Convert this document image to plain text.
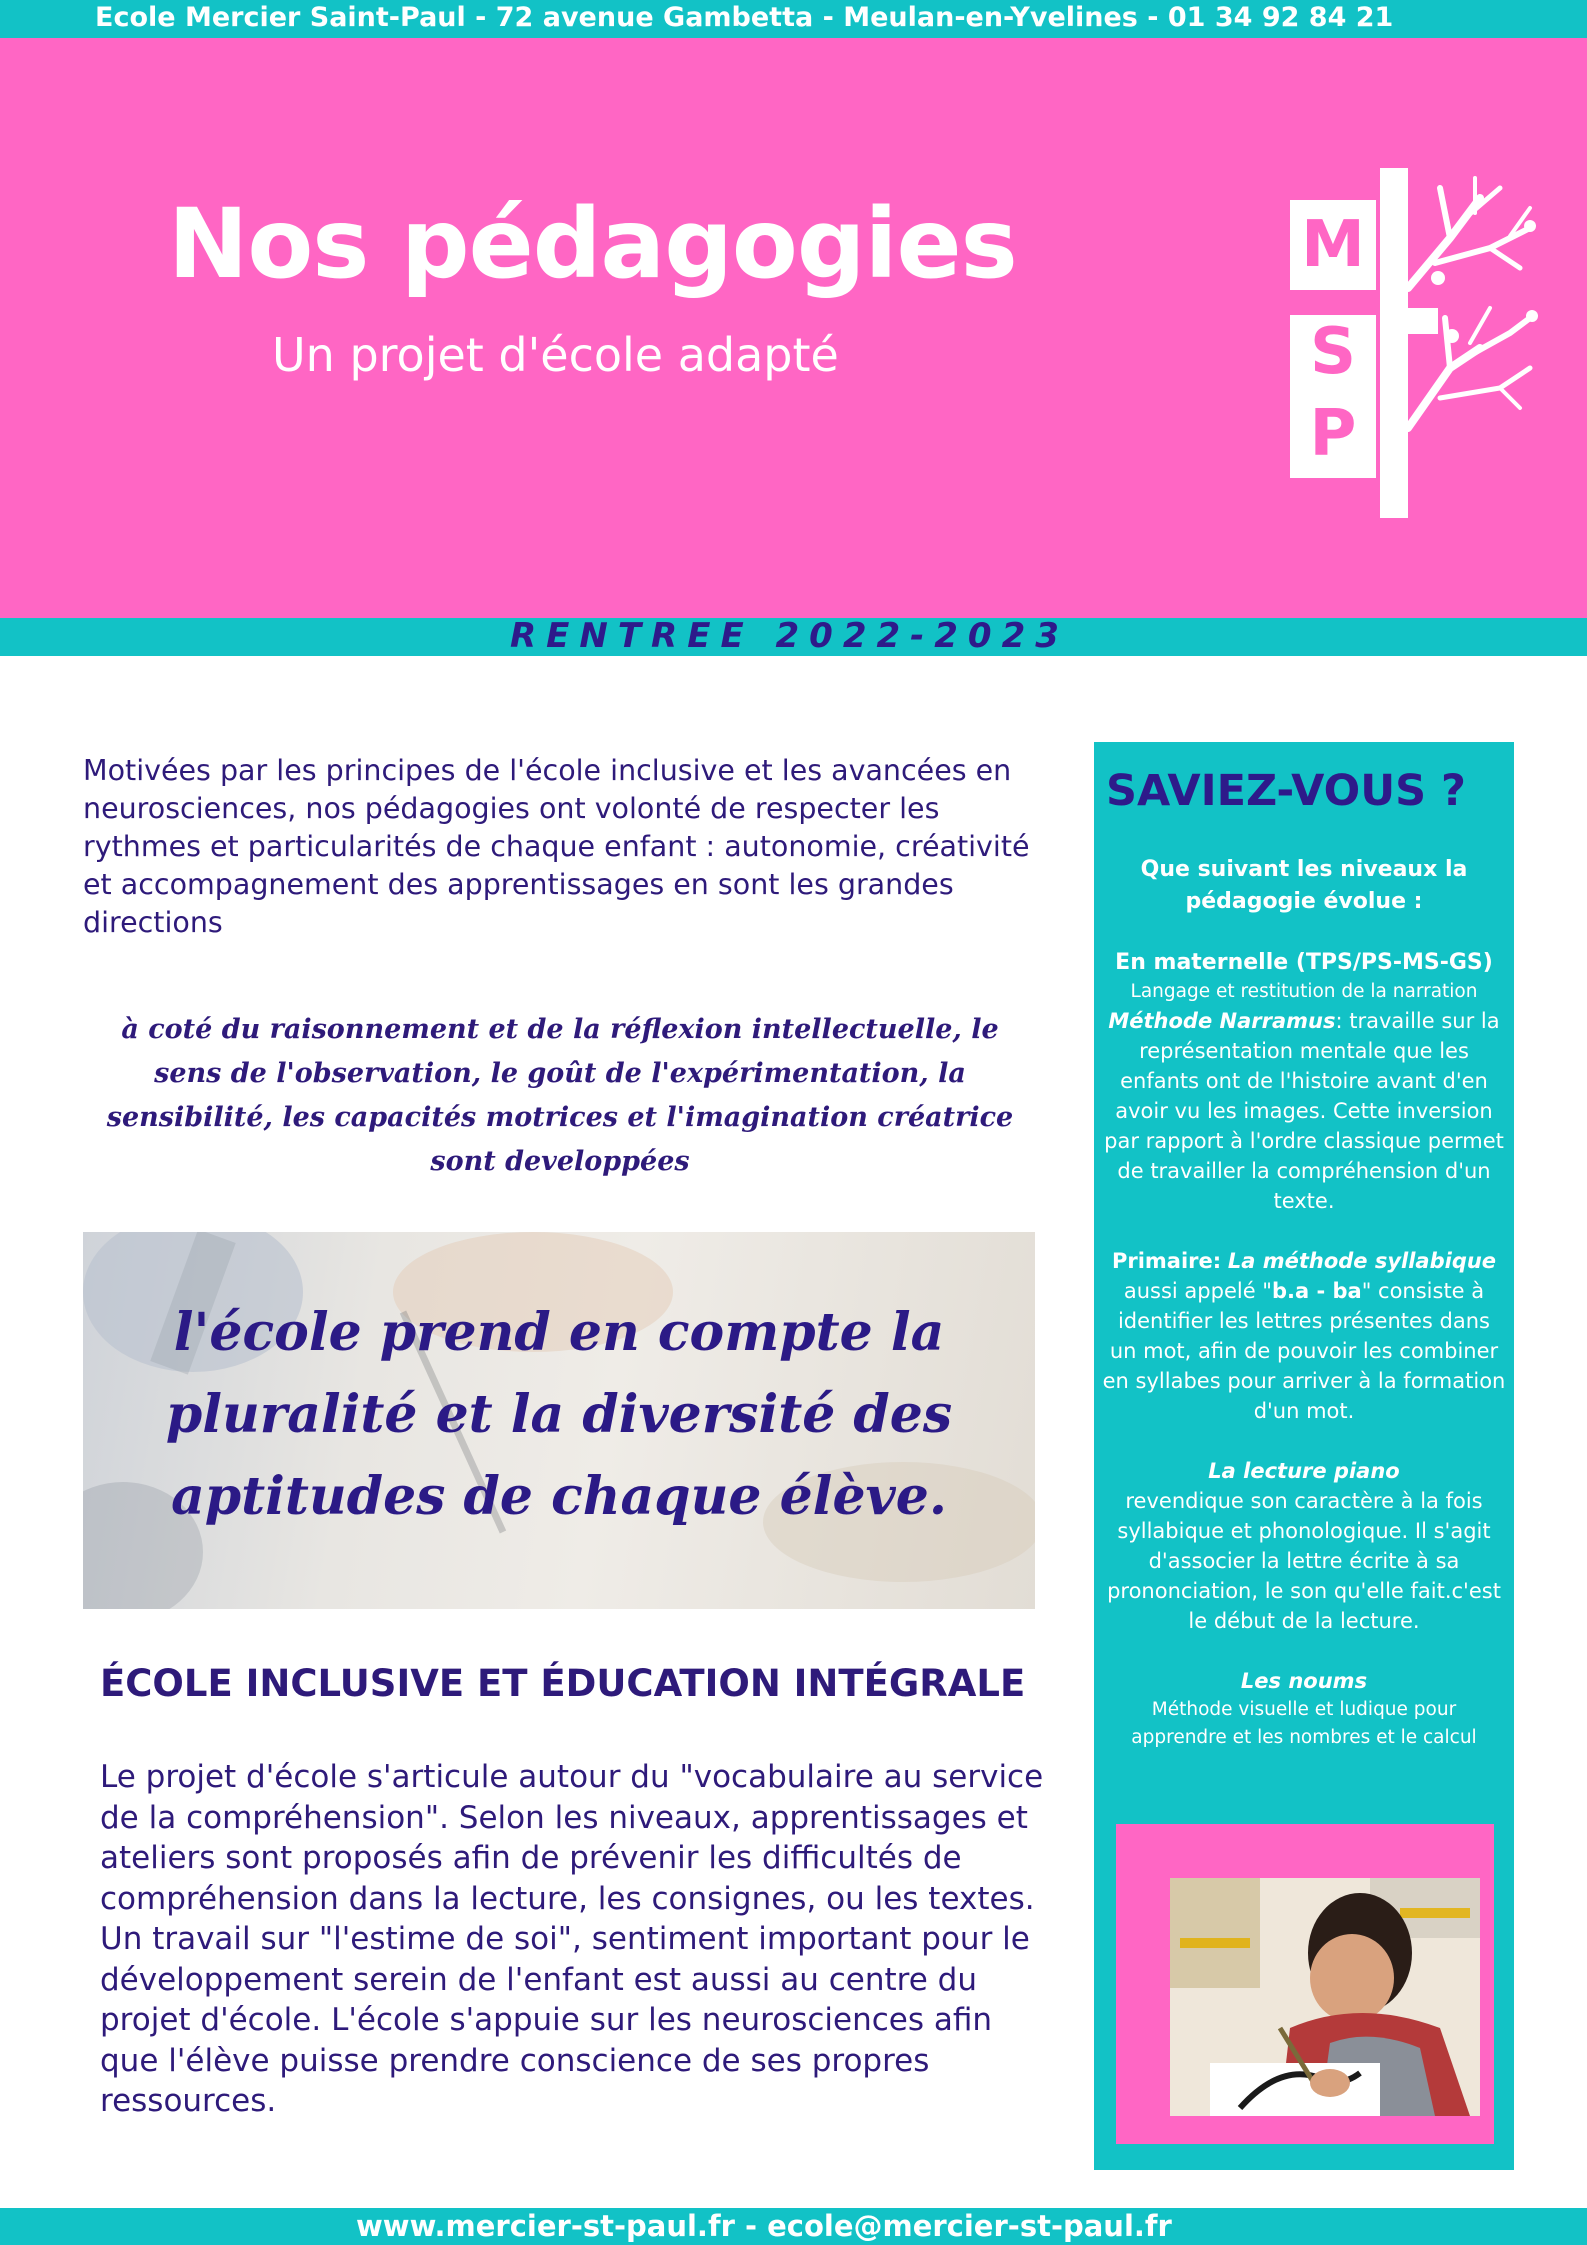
Ecole Mercier Saint-Paul - 72 avenue Gambetta - Meulan-en-Yvelines - 01 34 92 84 21
Nos pédagogies
Un projet d'école adapté
M
S
P
RENTREE 2022-2023
Motivées par les principes de l'école inclusive et les avancées en neurosciences, nos pédagogies ont volonté de respecter les rythmes et particularités de chaque enfant : autonomie, créativité et accompagnement des apprentissages en sont les grandes directions
à coté du raisonnement et de la réflexion intellectuelle, le sens de l'observation, le goût de l'expérimentation, la sensibilité, les capacités motrices et l'imagination créatrice sont developpées
l'école prend en compte la pluralité et la diversité des aptitudes de chaque élève.
ÉCOLE INCLUSIVE ET ÉDUCATION INTÉGRALE
Le projet d'école s'articule autour du "vocabulaire au service de la compréhension". Selon les niveaux, apprentissages et ateliers sont proposés afin de prévenir les difficultés de compréhension dans la lecture, les consignes, ou les textes.
Un travail sur "l'estime de soi", sentiment important pour le développement serein de l'enfant est aussi au centre du projet d'école. L'école s'appuie sur les neurosciences afin que l'élève puisse prendre conscience de ses propres ressources.
SAVIEZ-VOUS ?
Que suivant les niveaux la pédagogie évolue :
En maternelle (TPS/PS-MS-GS)
Langage et restitution de la narration
Méthode Narramus: travaille sur la représentation mentale que les enfants ont de l'histoire avant d'en avoir vu les images. Cette inversion par rapport à l'ordre classique permet de travailler la compréhension d'un texte.
Primaire: La méthode syllabique aussi appelé "b.a - ba" consiste à identifier les lettres présentes dans un mot, afin de pouvoir les combiner en syllabes pour arriver à la formation d'un mot.
La lecture piano
revendique son caractère à la fois syllabique et phonologique. Il s'agit d'associer la lettre écrite à sa prononciation, le son qu'elle fait.c'est le début de la lecture.
Les noums
Méthode visuelle et ludique pour apprendre et les nombres et le calcul
www.mercier-st-paul.fr - ecole@mercier-st-paul.fr
